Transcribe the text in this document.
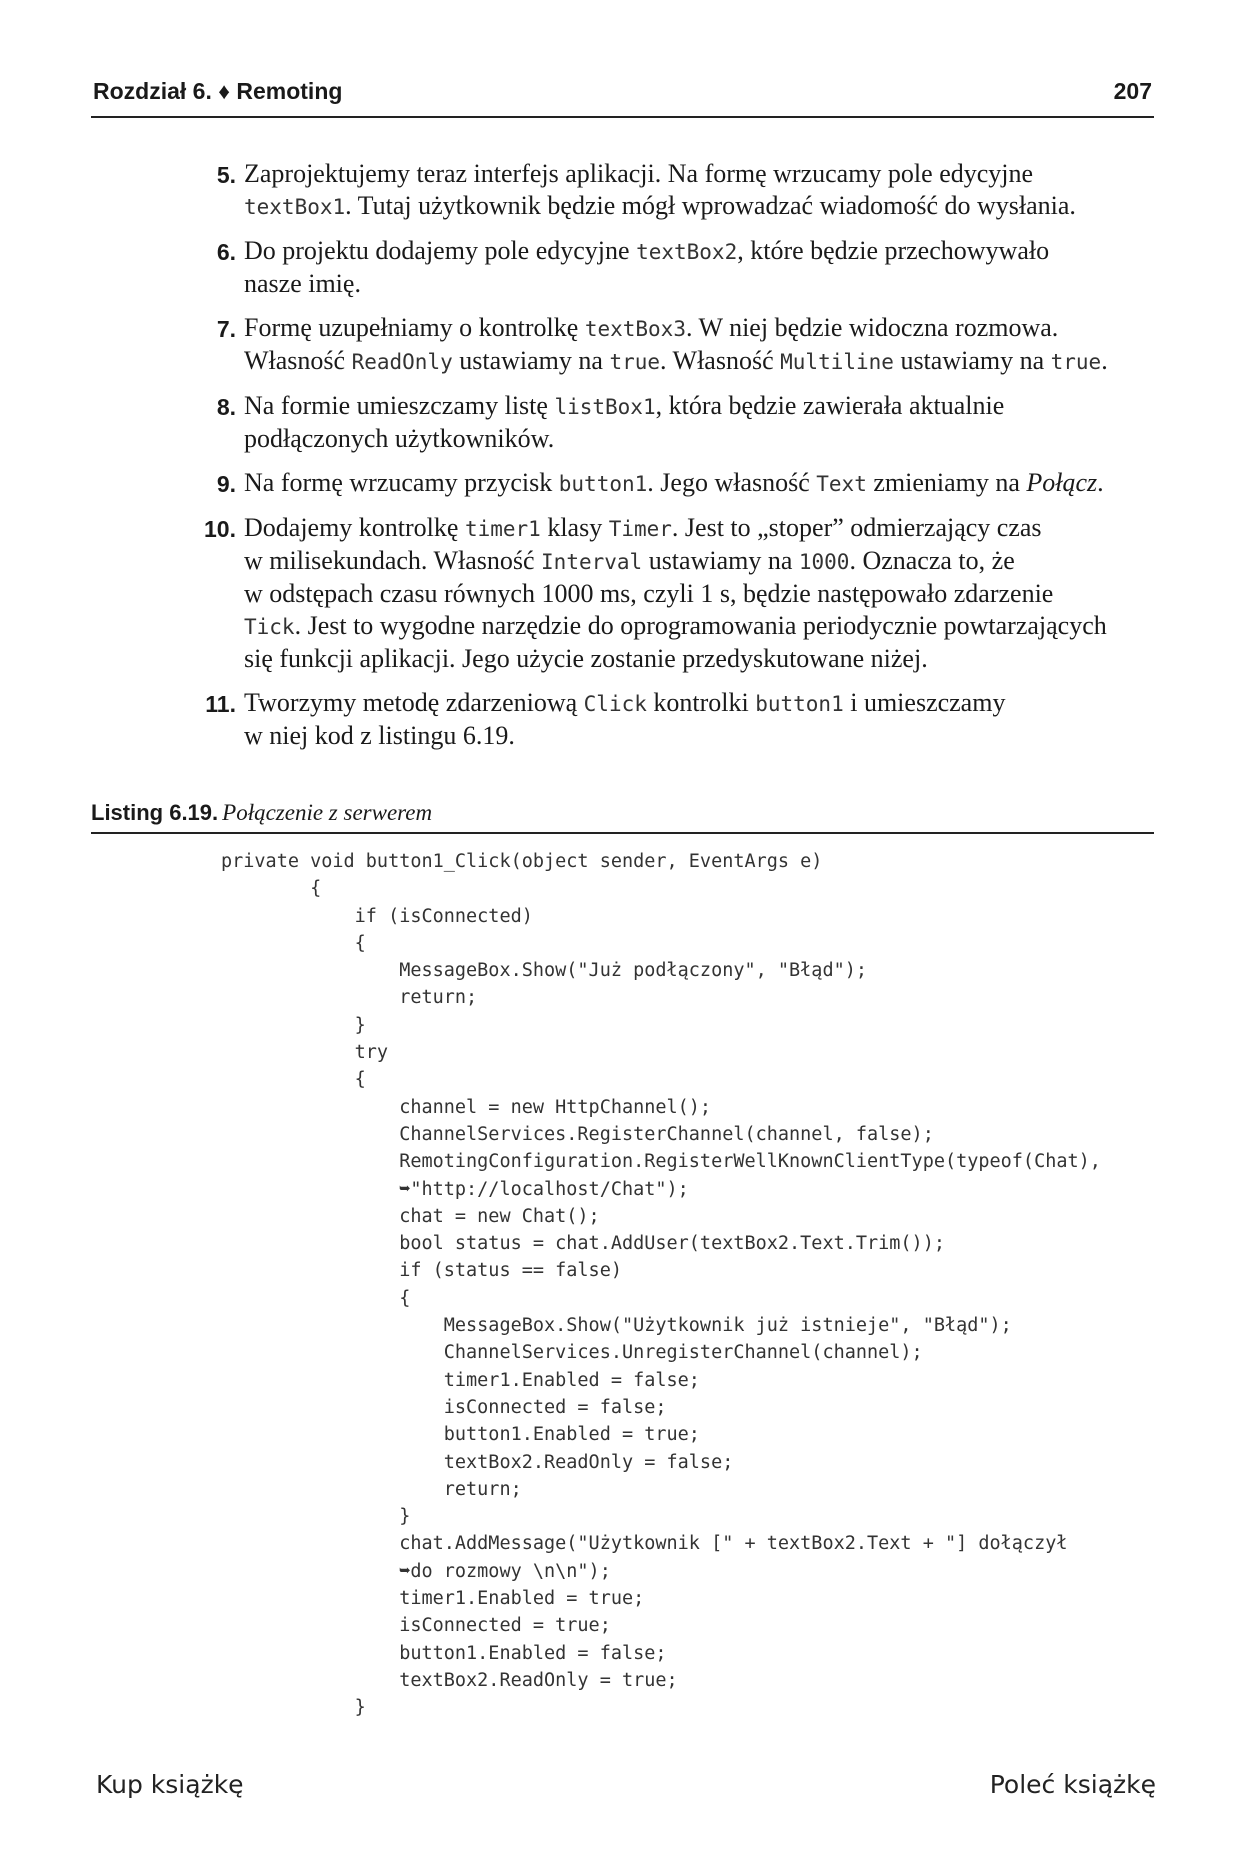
Rozdział 6. ♦ Remoting	207
5. Zaprojektujemy teraz interfejs aplikacji. Na formę wrzucamy pole edycyjne
textBox1. Tutaj użytkownik będzie mógł wprowadzać wiadomość do wysłania.
6. Do projektu dodajemy pole edycyjne textBox2, które będzie przechowywało
nasze imię.
7. Formę uzupełniamy o kontrolkę textBox3. W niej będzie widoczna rozmowa.
Własność ReadOnly ustawiamy na true. Własność Multiline ustawiamy na true.
8. Na formie umieszczamy listę listBox1, która będzie zawierała aktualnie
podłączonych użytkowników.
9. Na formę wrzucamy przycisk button1. Jego własność Text zmieniamy na Połącz.
10. Dodajemy kontrolkę timer1 klasy Timer. Jest to „stoper” odmierzający czas
w milisekundach. Własność Interval ustawiamy na 1000. Oznacza to, że
w odstępach czasu równych 1000 ms, czyli 1 s, będzie następowało zdarzenie
Tick. Jest to wygodne narzędzie do oprogramowania periodycznie powtarzających
się funkcji aplikacji. Jego użycie zostanie przedyskutowane niżej.
11. Tworzymy metodę zdarzeniową Click kontrolki button1 i umieszczamy
w niej kod z listingu 6.19.
Listing 6.19. Połączenie z serwerem
private void button1_Click(object sender, EventArgs e)
{
if (isConnected)
{
MessageBox.Show("Już podłączony", "Błąd");
return;
}
try
{
channel = new HttpChannel();
ChannelServices.RegisterChannel(channel, false);
RemotingConfiguration.RegisterWellKnownClientType(typeof(Chat),
➥"http://localhost/Chat");
chat = new Chat();
bool status = chat.AddUser(textBox2.Text.Trim());
if (status == false)
{
MessageBox.Show("Użytkownik już istnieje", "Błąd");
ChannelServices.UnregisterChannel(channel);
timer1.Enabled = false;
isConnected = false;
button1.Enabled = true;
textBox2.ReadOnly = false;
return;
}
chat.AddMessage("Użytkownik [" + textBox2.Text + "] dołączył
➥do rozmowy \n\n");
timer1.Enabled = true;
isConnected = true;
button1.Enabled = false;
textBox2.ReadOnly = true;
}
Kup książkę	Poleć książkę
